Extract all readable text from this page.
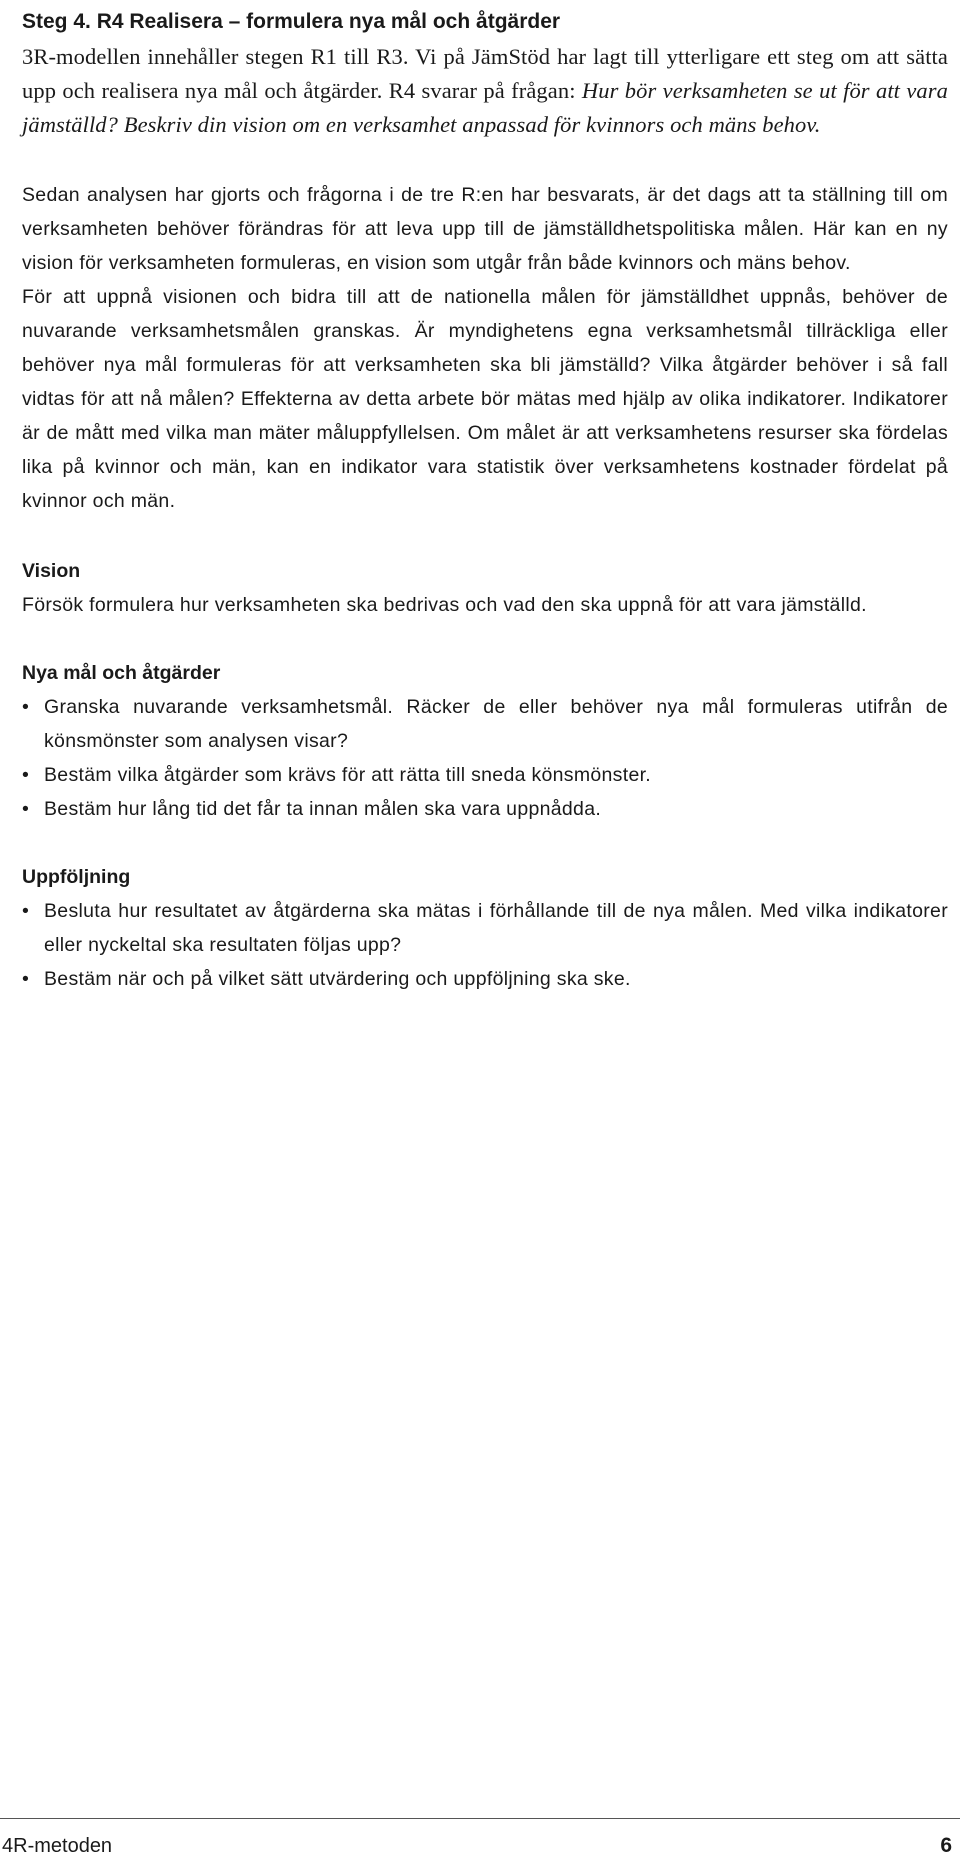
Steg 4. R4 Realisera – formulera nya mål och åtgärder

3R-modellen innehåller stegen R1 till R3. Vi på JämStöd har lagt till ytterligare ett steg om att sätta upp och realisera nya mål och åtgärder. R4 svarar på frågan: Hur bör verksamheten se ut för att vara jämställd? Beskriv din vision om en verksamhet anpassad för kvinnors och mäns behov.

Sedan analysen har gjorts och frågorna i de tre R:en har besvarats, är det dags att ta ställning till om verksamheten behöver förändras för att leva upp till de jämställdhetspolitiska målen. Här kan en ny vision för verksamheten formuleras, en vision som utgår från både kvinnors och mäns behov.

För att uppnå visionen och bidra till att de nationella målen för jämställdhet uppnås, behöver de nuvarande verksamhetsmålen granskas. Är myndighetens egna verksamhetsmål tillräckliga eller behöver nya mål formuleras för att verksamheten ska bli jämställd? Vilka åtgärder behöver i så fall vidtas för att nå målen? Effekterna av detta arbete bör mätas med hjälp av olika indikatorer. Indikatorer är de mått med vilka man mäter måluppfyllelsen. Om målet är att verksamhetens resurser ska fördelas lika på kvinnor och män, kan en indikator vara statistik över verksamhetens kostnader fördelat på kvinnor och män.

Vision

Försök formulera hur verksamheten ska bedrivas och vad den ska uppnå för att vara jämställd.

Nya mål och åtgärder
• Granska nuvarande verksamhetsmål. Räcker de eller behöver nya mål formuleras utifrån de könsmönster som analysen visar?
• Bestäm vilka åtgärder som krävs för att rätta till sneda könsmönster.
• Bestäm hur lång tid det får ta innan målen ska vara uppnådda.
Uppföljning
• Besluta hur resultatet av åtgärderna ska mätas i förhållande till de nya målen. Med vilka indikatorer eller nyckeltal ska resultaten följas upp?
• Bestäm när och på vilket sätt utvärdering och uppföljning ska ske.
4R-metoden	6
